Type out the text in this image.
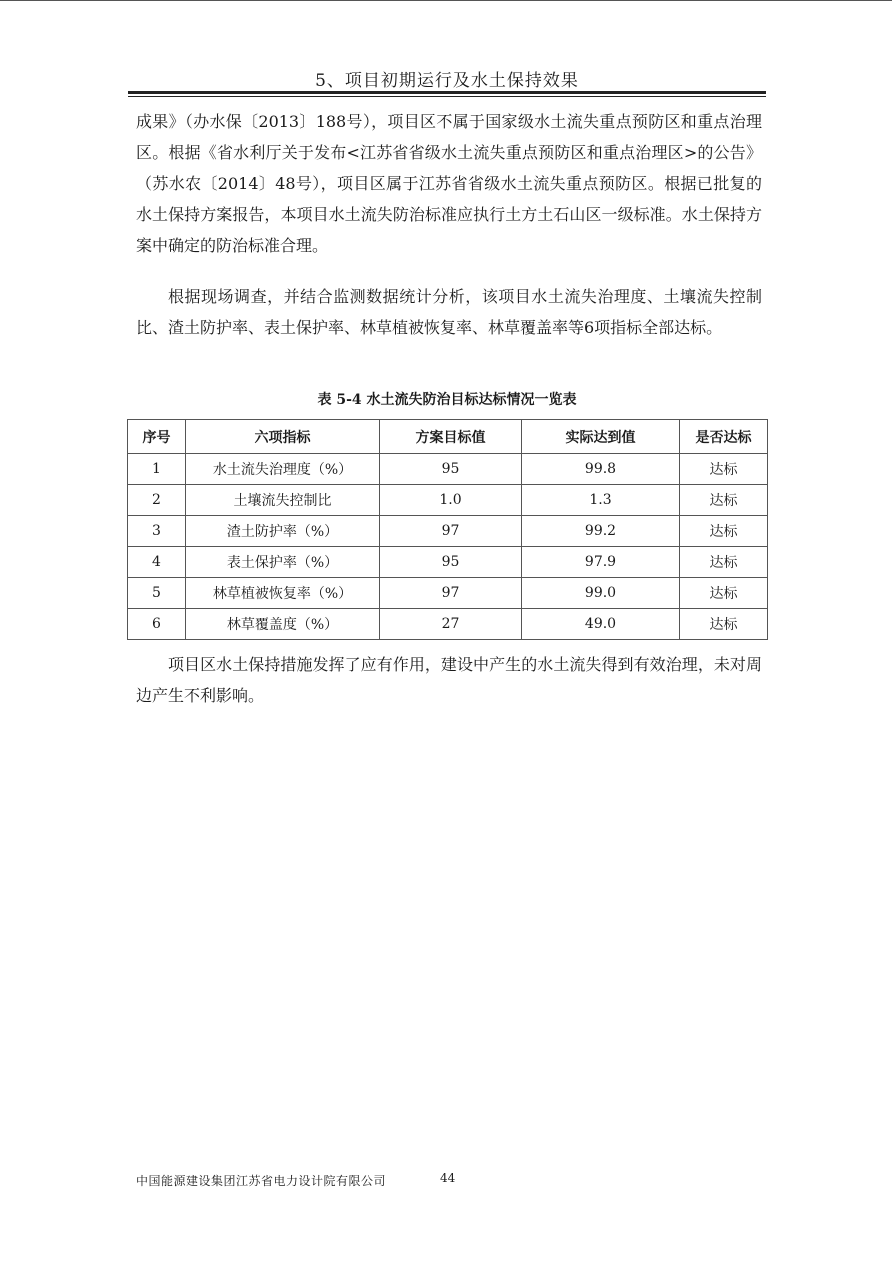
5、项目初期运行及水土保持效果

成果》（办水保〔2013〕188号），项目区不属于国家级水土流失重点预防区和重点治理区。根据《省水利厅关于发布<江苏省省级水土流失重点预防区和重点治理区>的公告》（苏水农〔2014〕48号），项目区属于江苏省省级水土流失重点预防区。根据已批复的水土保持方案报告，本项目水土流失防治标准应执行土方土石山区一级标准。水土保持方案中确定的防治标准合理。

根据现场调查，并结合监测数据统计分析，该项目水土流失治理度、土壤流失控制比、渣土防护率、表土保护率、林草植被恢复率、林草覆盖率等6项指标全部达标。

表 5-4 水土流失防治目标达标情况一览表
序号	六项指标	方案目标值	实际达到值	是否达标
1	水土流失治理度（%）	95	99.8	达标
2	土壤流失控制比	1.0	1.3	达标
3	渣土防护率（%）	97	99.2	达标
4	表土保护率（%）	95	97.9	达标
5	林草植被恢复率（%）	97	99.0	达标
6	林草覆盖度（%）	27	49.0	达标

项目区水土保持措施发挥了应有作用，建设中产生的水土流失得到有效治理，未对周边产生不利影响。

中国能源建设集团江苏省电力设计院有限公司	44
